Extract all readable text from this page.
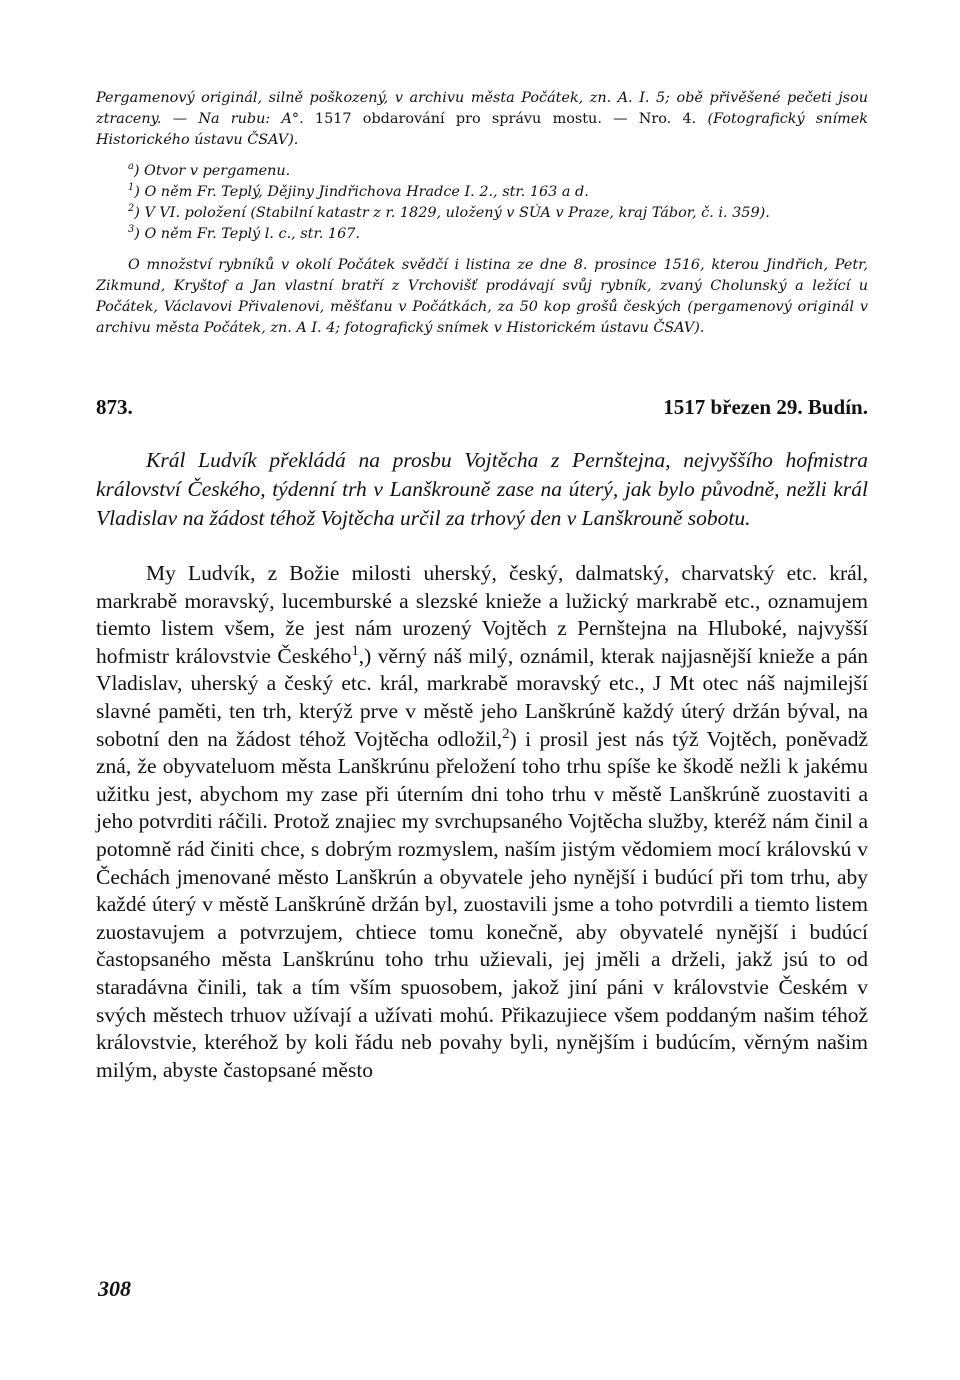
Pergamenový originál, silně poškozený, v archivu města Počátek, zn. A. I. 5; obě přivěšené pečeti jsou ztraceny. — Na rubu: A°. 1517 obdarování pro správu mostu. — Nro. 4. (Fotografický snímek Historického ústavu ČSAV).
$^a$) Otvor v pergamenu.
$^1$) O něm Fr. Teplý, Dějiny Jindřichova Hradce I. 2., str. 163 a d.
$^2$) V VI. položení (Stabilní katastr z r. 1829, uložený v SÚA v Praze, kraj Tábor, č. i. 359).
$^3$) O něm Fr. Teplý l. c., str. 167.
O množství rybníků v okolí Počátek svědčí i listina ze dne 8. prosince 1516, kterou Jindřich, Petr, Zikmund, Kryštof a Jan vlastní bratří z Vrchovišť prodávají svůj rybník, zvaný Cholunský a ležící u Počátek, Václavovi Přivalenovi, měšťanu v Počátkách, za 50 kop grošů českých (pergamenový originál v archivu města Počátek, zn. A I. 4; fotografický snímek v Historickém ústavu ČSAV).
873.	1517 březen 29. Budín.
Král Ludvík překládá na prosbu Vojtěcha z Pernštejna, nejvyššího hofmistra království Českého, týdenní trh v Lanškrouně zase na úterý, jak bylo původně, nežli král Vladislav na žádost téhož Vojtěcha určil za trhový den v Lanškrouně sobotu.

My Ludvík, z Božie milosti uherský, český, dalmatský, charvatský etc. král, markrabě moravský, lucemburské a slezské knieže a lužický markrabě etc., oznamujem tiemto listem všem, že jest nám urozený Vojtěch z Pernštejna na Hluboké, najvyšší hofmistr královstvie Českého$^1$,) věrný náš milý, oznámil, kterak najjasnější knieže a pán Vladislav, uherský a český etc. král, markrabě moravský etc., J Mt otec náš najmilejší slavné paměti, ten trh, kterýž prve v městě jeho Lanškrúně každý úterý držán býval, na sobotní den na žádost téhož Vojtěcha odložil,$^2$) i prosil jest nás týž Vojtěch, poněvadž zná, že obyvateluom města Lanškrúnu přeložení toho trhu spíše ke škodě nežli k jakému užitku jest, abychom my zase při úterním dni toho trhu v městě Lanškrúně zuostaviti a jeho potvrditi ráčili. Protož znajiec my svrchupsaného Vojtěcha služby, kteréž nám činil a potomně rád činiti chce, s dobrým rozmyslem, naším jistým vědomiem mocí královskú v Čechách jmenované město Lanškrún a obyvatele jeho nynější i budúcí při tom trhu, aby každé úterý v městě Lanškrúně držán byl, zuostavili jsme a toho potvrdili a tiemto listem zuostavujem a potvrzujem, chtiece tomu konečně, aby obyvatelé nynější i budúcí častopsaného města Lanškrúnu toho trhu užievali, jej jměli a drželi, jakž jsú to od staradávna činili, tak a tím vším spuosobem, jakož jiní páni v královstvie Českém v svých městech trhuov užívají a užívati mohú. Přikazujiece všem poddaným našim téhož královstvie, kteréhož by koli řádu neb povahy byli, nynějším i budúcím, věrným našim milým, abyste častopsané město

308
